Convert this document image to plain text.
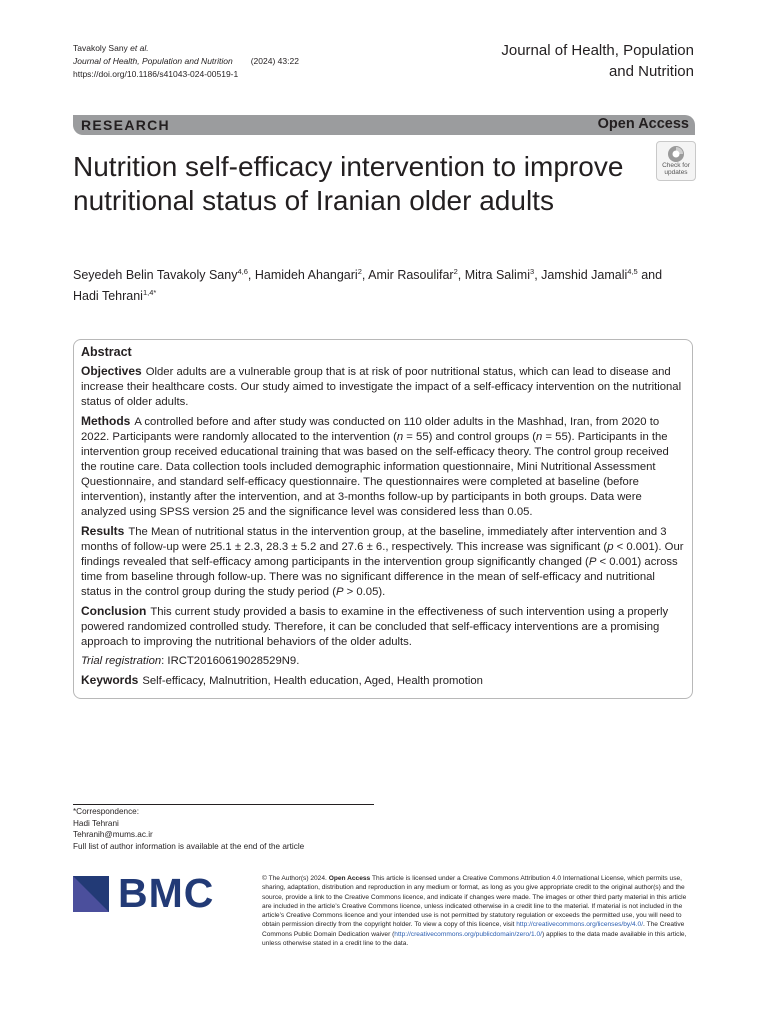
Tavakoly Sany et al.
Journal of Health, Population and Nutrition (2024) 43:22
https://doi.org/10.1186/s41043-024-00519-1
Journal of Health, Population
and Nutrition
RESEARCH	Open Access
Nutrition self-efficacy intervention to improve nutritional status of Iranian older adults
Check for
updates
Seyedeh Belin Tavakoly Sany$^{4,6}$, Hamideh Ahangari$^2$, Amir Rasoulifar$^2$, Mitra Salimi$^3$, Jamshid Jamali$^{4,5}$ and
Hadi Tehrani$^{1,4*}$
Abstract

Objectives Older adults are a vulnerable group that is at risk of poor nutritional status, which can lead to disease and increase their healthcare costs. Our study aimed to investigate the impact of a self-efficacy intervention on the nutritional status of older adults.

Methods A controlled before and after study was conducted on 110 older adults in the Mashhad, Iran, from 2020 to 2022. Participants were randomly allocated to the intervention (n = 55) and control groups (n = 55). Participants in the intervention group received educational training that was based on the self-efficacy theory. The control group received the routine care. Data collection tools included demographic information questionnaire, Mini Nutritional Assessment Questionnaire, and standard self-efficacy questionnaire. The questionnaires were completed at baseline (before intervention), instantly after the intervention, and at 3-months follow-up by participants in both groups. Data were analyzed using SPSS version 25 and the significance level was considered less than 0.05.

Results The Mean of nutritional status in the intervention group, at the baseline, immediately after intervention and 3 months of follow-up were 25.1 ± 2.3, 28.3 ± 5.2 and 27.6 ± 6., respectively. This increase was significant (p < 0.001). Our findings revealed that self-efficacy among participants in the intervention group significantly changed (P < 0.001) across time from baseline through follow-up. There was no significant difference in the mean of self-efficacy and nutritional status in the control group during the study period (P > 0.05).

Conclusion This current study provided a basis to examine in the effectiveness of such intervention using a properly powered randomized controlled study. Therefore, it can be concluded that self-efficacy interventions are a promising approach to improving the nutritional behaviors of the older adults.

Trial registration: IRCT20160619028529N9.

Keywords Self-efficacy, Malnutrition, Health education, Aged, Health promotion

*Correspondence:
Hadi Tehrani
Tehranih@mums.ac.ir
Full list of author information is available at the end of the article
BMC	© The Author(s) 2024. Open Access This article is licensed under a Creative Commons Attribution 4.0 International License, which permits use, sharing, adaptation, distribution and reproduction in any medium or format, as long as you give appropriate credit to the original author(s) and the source, provide a link to the Creative Commons licence, and indicate if changes were made. The images or other third party material in this article are included in the article’s Creative Commons licence, unless indicated otherwise in a credit line to the material. If material is not included in the article’s Creative Commons licence and your intended use is not permitted by statutory regulation or exceeds the permitted use, you will need to obtain permission directly from the copyright holder. To view a copy of this licence, visit http://creativecommons.org/licenses/by/4.0/. The Creative Commons Public Domain Dedication waiver (http://creativecommons.org/publicdomain/zero/1.0/) applies to the data made available in this article, unless otherwise stated in a credit line to the data.
